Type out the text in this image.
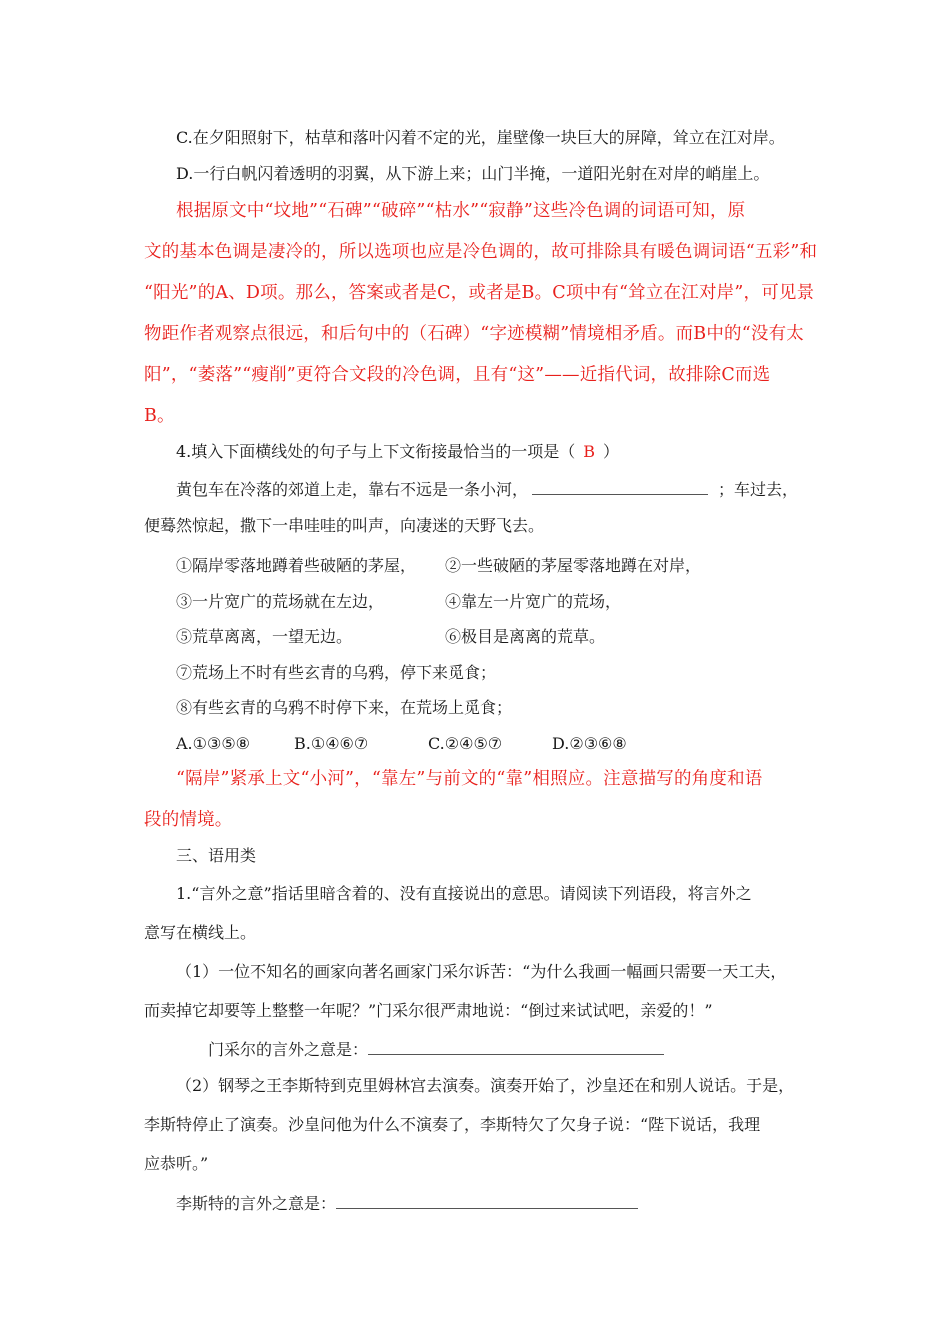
C.在夕阳照射下，枯草和落叶闪着不定的光，崖壁像一块巨大的屏障，耸立在江对岸。
D.一行白帆闪着透明的羽翼，从下游上来；山门半掩，一道阳光射在对岸的峭崖上。
根据原文中“坟地”“石碑”“破碎”“枯水”“寂静”这些冷色调的词语可知，原
文的基本色调是凄冷的，所以选项也应是冷色调的，故可排除具有暖色调词语“五彩”和
“阳光”的A、D项。那么，答案或者是C，或者是B。C项中有“耸立在江对岸”，可见景
物距作者观察点很远，和后句中的（石碑）“字迹模糊”情境相矛盾。而B中的“没有太
阳”，“萎落”“瘦削”更符合文段的冷色调，且有“这”——近指代词，故排除C而选
B。
4.填入下面横线处的句子与上下文衔接最恰当的一项是（ B ）
黄包车在冷落的郊道上走，靠右不远是一条小河，	；车过去，
便蓦然惊起，撒下一串哇哇的叫声，向凄迷的天野飞去。
①隔岸零落地蹲着些破陋的茅屋， ②一些破陋的茅屋零落地蹲在对岸，
③一片宽广的荒场就在左边，	④靠左一片宽广的荒场，
⑤荒草离离，一望无边。	⑥极目是离离的荒草。
⑦荒场上不时有些玄青的乌鸦，停下来觅食；
⑧有些玄青的乌鸦不时停下来，在荒场上觅食；
A.①③⑤⑧	B.①④⑥⑦	C.②④⑤⑦	D.②③⑥⑧
“隔岸”紧承上文“小河”，“靠左”与前文的“靠”相照应。注意描写的角度和语
段的情境。
三、语用类
1.“言外之意”指话里暗含着的、没有直接说出的意思。请阅读下列语段，将言外之
意写在横线上。
（1）一位不知名的画家向著名画家门采尔诉苦：“为什么我画一幅画只需要一天工夫，
而卖掉它却要等上整整一年呢？”门采尔很严肃地说：“倒过来试试吧，亲爱的！”
门采尔的言外之意是：
（2）钢琴之王李斯特到克里姆林宫去演奏。演奏开始了，沙皇还在和别人说话。于是，
李斯特停止了演奏。沙皇问他为什么不演奏了，李斯特欠了欠身子说：“陛下说话，我理
应恭听。”
李斯特的言外之意是：
